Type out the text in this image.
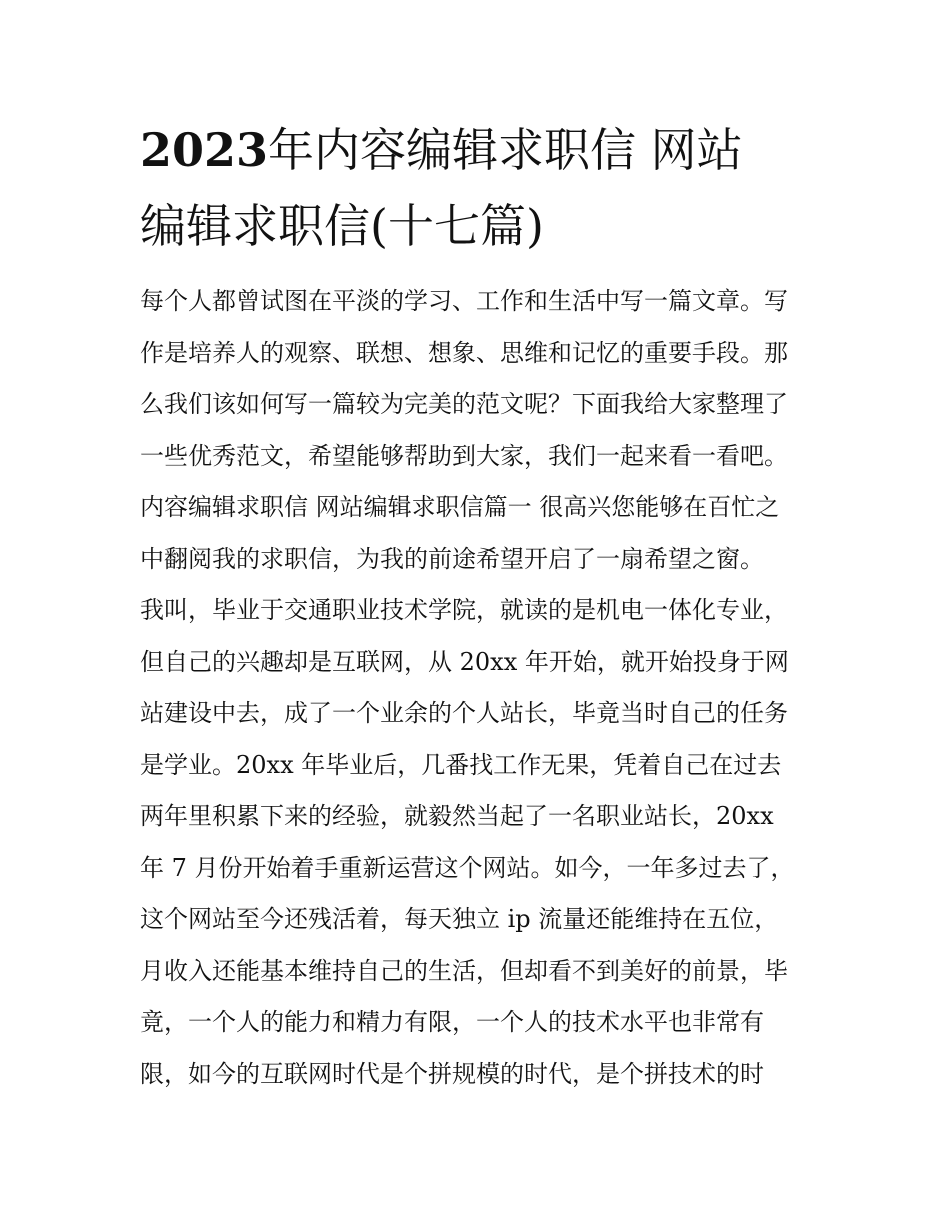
2023年内容编辑求职信 网站
编辑求职信(十七篇)
每个人都曾试图在平淡的学习、工作和生活中写一篇文章。写
作是培养人的观察、联想、想象、思维和记忆的重要手段。那
么我们该如何写一篇较为完美的范文呢？下面我给大家整理了
一些优秀范文，希望能够帮助到大家，我们一起来看一看吧。
内容编辑求职信 网站编辑求职信篇一 很高兴您能够在百忙之
中翻阅我的求职信，为我的前途希望开启了一扇希望之窗。
我叫，毕业于交通职业技术学院，就读的是机电一体化专业，
但自己的兴趣却是互联网，从 20xx 年开始，就开始投身于网
站建设中去，成了一个业余的个人站长，毕竟当时自己的任务
是学业。20xx 年毕业后，几番找工作无果，凭着自己在过去
两年里积累下来的经验，就毅然当起了一名职业站长，20xx
年 7 月份开始着手重新运营这个网站。如今，一年多过去了，
这个网站至今还残活着，每天独立 ip 流量还能维持在五位，
月收入还能基本维持自己的生活，但却看不到美好的前景，毕
竟，一个人的能力和精力有限，一个人的技术水平也非常有
限，如今的互联网时代是个拼规模的时代，是个拼技术的时
